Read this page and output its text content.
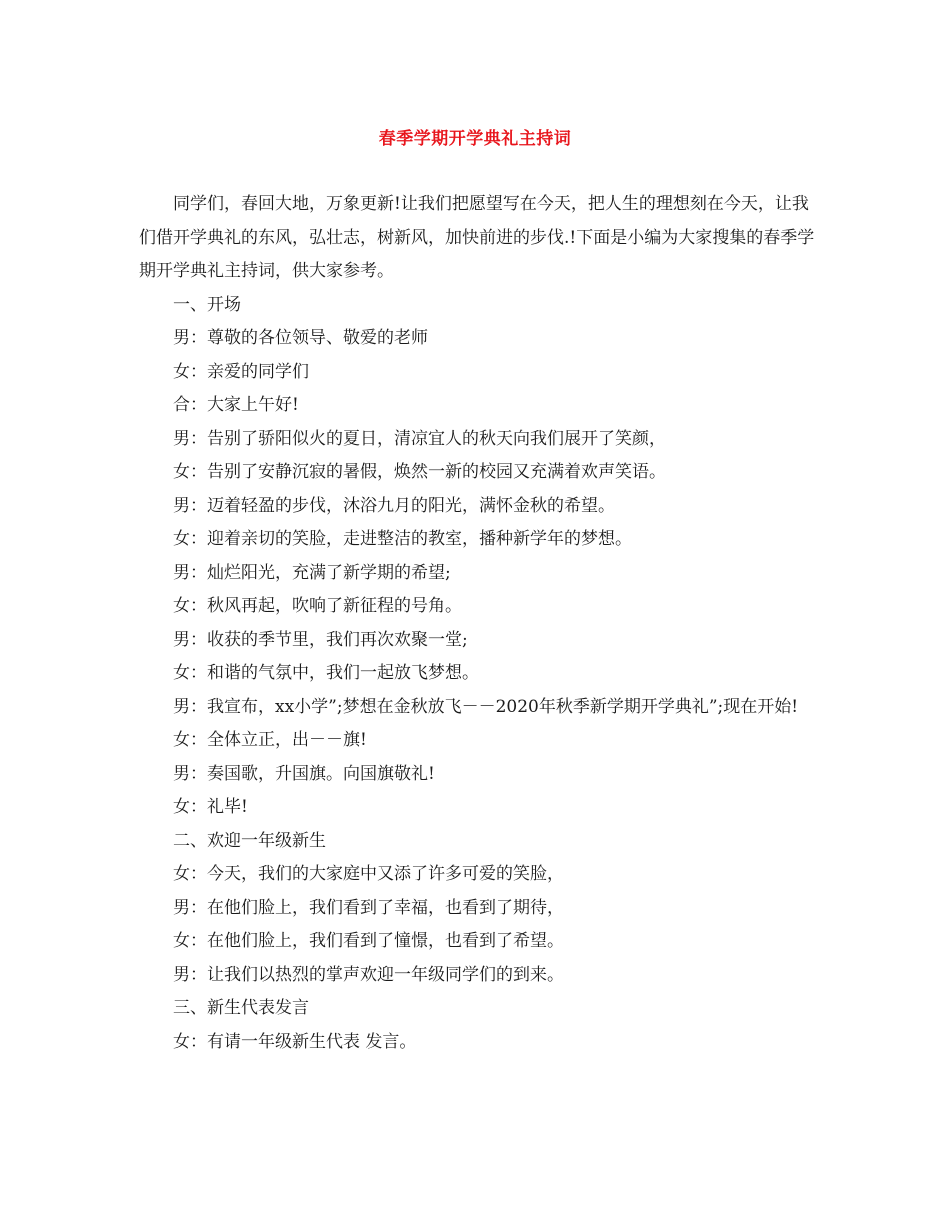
春季学期开学典礼主持词

同学们，春回大地，万象更新!让我们把愿望写在今天，把人生的理想刻在今天，让我们借开学典礼的东风，弘壮志，树新风，加快前进的步伐.!下面是小编为大家搜集的春季学期开学典礼主持词，供大家参考。

一、开场

男：尊敬的各位领导、敬爱的老师

女：亲爱的同学们

合：大家上午好!

男：告别了骄阳似火的夏日，清凉宜人的秋天向我们展开了笑颜，

女：告别了安静沉寂的暑假，焕然一新的校园又充满着欢声笑语。

男：迈着轻盈的步伐，沐浴九月的阳光，满怀金秋的希望。

女：迎着亲切的笑脸，走进整洁的教室，播种新学年的梦想。

男：灿烂阳光，充满了新学期的希望;

女：秋风再起，吹响了新征程的号角。

男：收获的季节里，我们再次欢聚一堂;

女：和谐的气氛中，我们一起放飞梦想。

男：我宣布，xx小学”;梦想在金秋放飞－－2020年秋季新学期开学典礼”;现在开始!

女：全体立正，出－－旗!

男：奏国歌，升国旗。向国旗敬礼!

女：礼毕!

二、欢迎一年级新生

女：今天，我们的大家庭中又添了许多可爱的笑脸，

男：在他们脸上，我们看到了幸福，也看到了期待，

女：在他们脸上，我们看到了憧憬，也看到了希望。

男：让我们以热烈的掌声欢迎一年级同学们的到来。

三、新生代表发言

女：有请一年级新生代表 发言。
